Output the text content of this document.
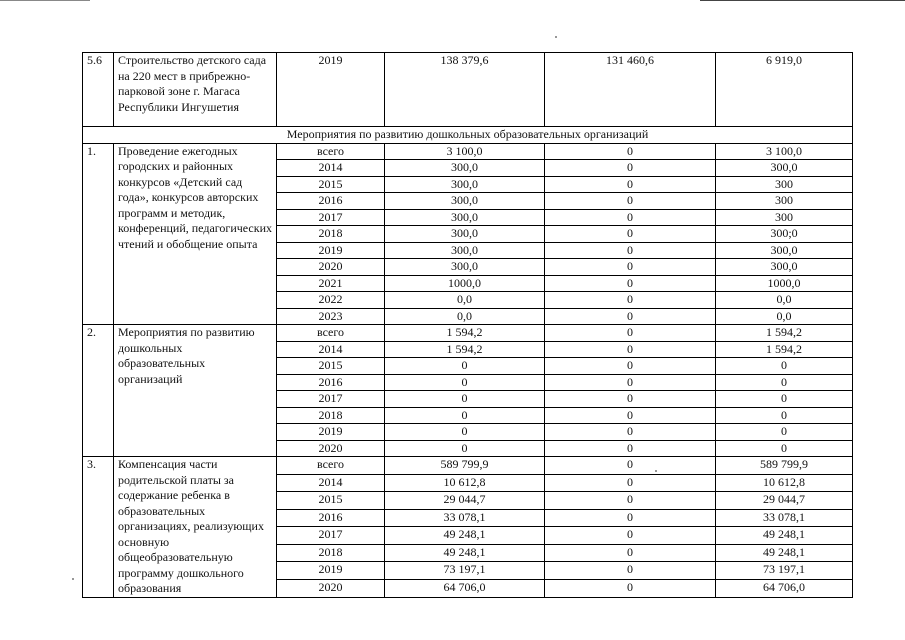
5.6	Строительство детского сада на 220 мест в прибрежно-парковой зоне г. Магаса Республики Ингушетия	2019	138 379,6	131 460,6	6 919,0
Мероприятия по развитию дошкольных образовательных организаций					
1.	Проведение ежегодных городских и районных конкурсов «Детский сад года», конкурсов авторских программ и методик, конференций, педагогических чтений и обобщение опыта	всего	3 100,0	0	3 100,0
		2014	300,0	0	300,0
		2015	300,0	0	300
		2016	300,0	0	300
		2017	300,0	0	300
		2018	300,0	0	300;0
		2019	300,0	0	300,0
		2020	300,0	0	300,0
		2021	1000,0	0	1000,0
		2022	0,0	0	0,0
		2023	0,0	0	0,0
2.	Мероприятия по развитию дошкольных образовательных организаций	всего	1 594,2	0	1 594,2
		2014	1 594,2	0	1 594,2
		2015	0	0	0
		2016	0	0	0
		2017	0	0	0
		2018	0	0	0
		2019	0	0	0
		2020	0	0	0
3.	Компенсация части родительской платы за содержание ребенка в образовательных организациях, реализующих основную общеобразовательную программу дошкольного образования	всего	589 799,9	0	589 799,9
		2014	10 612,8	0	10 612,8
		2015	29 044,7	0	29 044,7
		2016	33 078,1	0	33 078,1
		2017	49 248,1	0	49 248,1
		2018	49 248,1	0	49 248,1
		2019	73 197,1	0	73 197,1
		2020	64 706,0	0	64 706,0
